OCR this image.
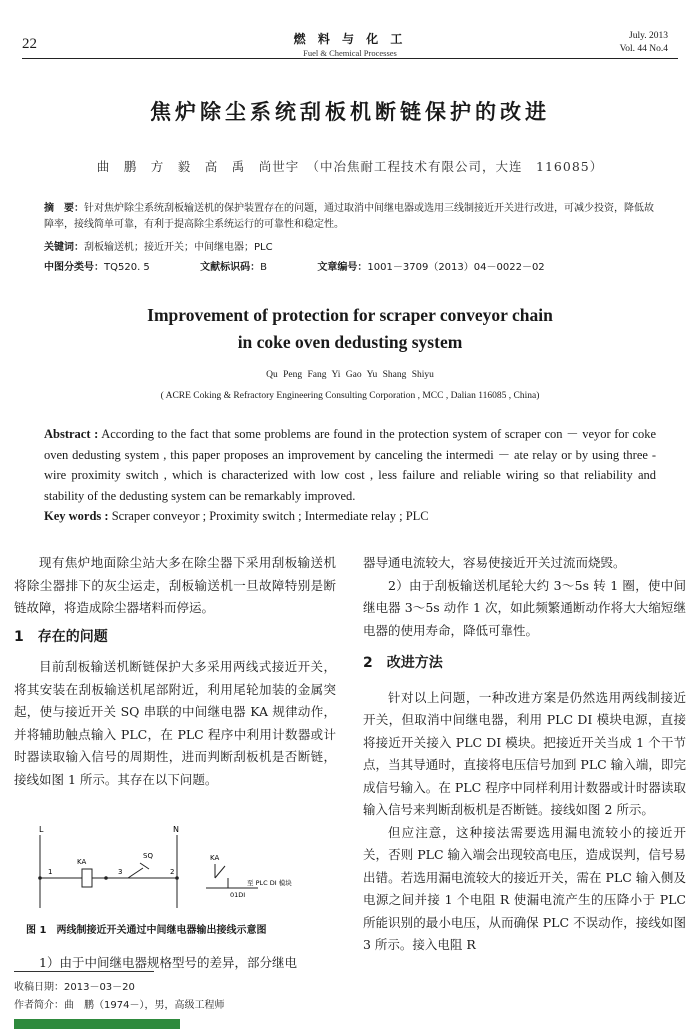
22	燃 料 与 化 工
Fuel & Chemical Processes
July. 2013
Vol. 44 No.4
焦炉除尘系统刮板机断链保护的改进
曲　鹏　方　毅　高　禹　尚世宇　（中冶焦耐工程技术有限公司，大连　116085）
摘　要：针对焦炉除尘系统刮板输送机的保护装置存在的问题，通过取消中间继电器或选用三线制接近开关进行改进，可减少投资，降低故障率，接线简单可靠，有利于提高除尘系统运行的可靠性和稳定性。
关键词：刮板输送机；接近开关；中间继电器；PLC
中图分类号：TQ520. 5	文献标识码：B	文章编号：1001－3709（2013）04－0022－02
Improvement of protection for scraper conveyor chain
in coke oven dedusting system
Qu Peng Fang Yi Gao Yu Shang Shiyu
( ACRE Coking & Refractory Engineering Consulting Corporation , MCC , Dalian 116085 , China)
Abstract : According to the fact that some problems are found in the protection system of scraper con － veyor for coke oven dedusting system , this paper proposes an improvement by canceling the intermedi － ate relay or by using three -wire proximity switch , which is characterized with low cost , less failure and reliable wiring so that reliability and stability of the dedusting system can be remarkably improved.
Key words : Scraper conveyor ; Proximity switch ; Intermediate relay ; PLC

现有焦炉地面除尘站大多在除尘器下采用刮板输送机将除尘器排下的灰尘运走，刮板输送机一旦故障特别是断链故障，将造成除尘器堵料而停运。

1　存在的问题

目前刮板输送机断链保护大多采用两线式接近开关，将其安装在刮板输送机尾部附近，利用尾轮加装的金属突起，使与接近开关 SQ 串联的中间继电器 KA 规律动作，并将辅助触点输入 PLC，在 PLC 程序中利用计数器或计时器读取输入信号的周期性，进而判断刮板机是否断链，接线如图 1 所示。其存在以下问题。

L	N
KA
SQ	KA
1	3	2
01DI
至 PLC DI 模块
图 1　两线制接近开关通过中间继电器输出接线示意图

1）由于中间继电器规格型号的差异，部分继电

收稿日期：2013－03－20
作者简介：曲　鹏（1974－），男，高级工程师

器导通电流较大，容易使接近开关过流而烧毁。

2）由于刮板输送机尾轮大约 3～5s 转 1 圈，使中间继电器 3～5s 动作 1 次，如此频繁通断动作将大大缩短继电器的使用寿命，降低可靠性。

2　改进方法

针对以上问题，一种改进方案是仍然选用两线制接近开关，但取消中间继电器，利用 PLC DI 模块电源，直接将接近开关接入 PLC DI 模块。把接近开关当成 1 个干节点，当其导通时，直接将电压信号加到 PLC 输入端，即完成信号输入。在 PLC 程序中同样利用计数器或计时器读取输入信号来判断刮板机是否断链。接线如图 2 所示。

但应注意，这种接法需要选用漏电流较小的接近开关，否则 PLC 输入端会出现较高电压，造成误判，信号易出错。若选用漏电流较大的接近开关，需在 PLC 输入侧及电源之间并接 1 个电阻 R 使漏电流产生的压降小于 PLC 所能识别的最小电压，从而确保 PLC 不误动作，接线如图 3 所示。接入电阻 R
